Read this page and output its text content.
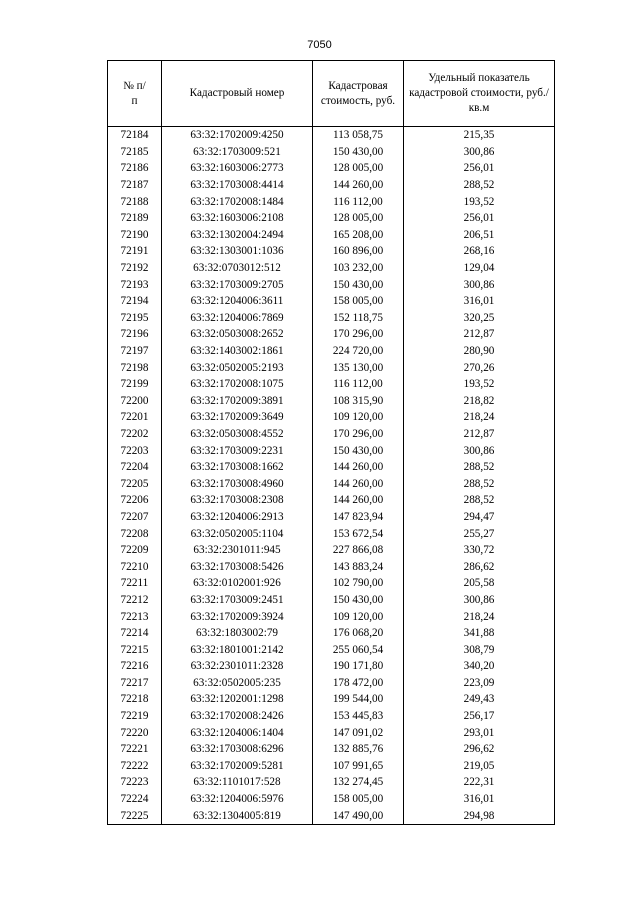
7050
№ п/п	Кадастровый номер	Кадастровая стоимость, руб.	Удельный показатель кадастровой стоимости, руб./кв.м
72184	63:32:1702009:4250	113 058,75	215,35
72185	63:32:1703009:521	150 430,00	300,86
72186	63:32:1603006:2773	128 005,00	256,01
72187	63:32:1703008:4414	144 260,00	288,52
72188	63:32:1702008:1484	116 112,00	193,52
72189	63:32:1603006:2108	128 005,00	256,01
72190	63:32:1302004:2494	165 208,00	206,51
72191	63:32:1303001:1036	160 896,00	268,16
72192	63:32:0703012:512	103 232,00	129,04
72193	63:32:1703009:2705	150 430,00	300,86
72194	63:32:1204006:3611	158 005,00	316,01
72195	63:32:1204006:7869	152 118,75	320,25
72196	63:32:0503008:2652	170 296,00	212,87
72197	63:32:1403002:1861	224 720,00	280,90
72198	63:32:0502005:2193	135 130,00	270,26
72199	63:32:1702008:1075	116 112,00	193,52
72200	63:32:1702009:3891	108 315,90	218,82
72201	63:32:1702009:3649	109 120,00	218,24
72202	63:32:0503008:4552	170 296,00	212,87
72203	63:32:1703009:2231	150 430,00	300,86
72204	63:32:1703008:1662	144 260,00	288,52
72205	63:32:1703008:4960	144 260,00	288,52
72206	63:32:1703008:2308	144 260,00	288,52
72207	63:32:1204006:2913	147 823,94	294,47
72208	63:32:0502005:1104	153 672,54	255,27
72209	63:32:2301011:945	227 866,08	330,72
72210	63:32:1703008:5426	143 883,24	286,62
72211	63:32:0102001:926	102 790,00	205,58
72212	63:32:1703009:2451	150 430,00	300,86
72213	63:32:1702009:3924	109 120,00	218,24
72214	63:32:1803002:79	176 068,20	341,88
72215	63:32:1801001:2142	255 060,54	308,79
72216	63:32:2301011:2328	190 171,80	340,20
72217	63:32:0502005:235	178 472,00	223,09
72218	63:32:1202001:1298	199 544,00	249,43
72219	63:32:1702008:2426	153 445,83	256,17
72220	63:32:1204006:1404	147 091,02	293,01
72221	63:32:1703008:6296	132 885,76	296,62
72222	63:32:1702009:5281	107 991,65	219,05
72223	63:32:1101017:528	132 274,45	222,31
72224	63:32:1204006:5976	158 005,00	316,01
72225	63:32:1304005:819	147 490,00	294,98
